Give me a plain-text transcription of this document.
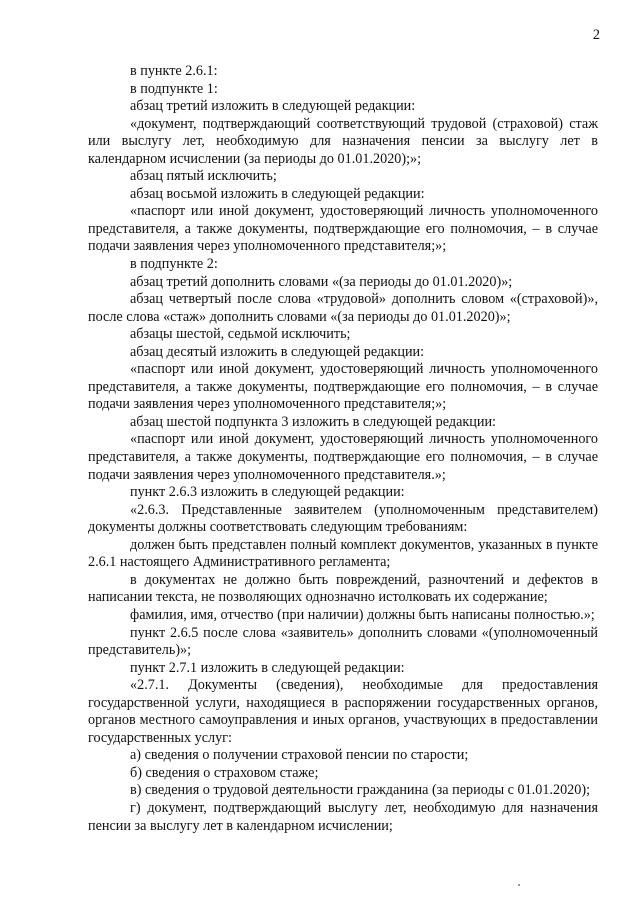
2

в пункте 2.6.1:

в подпункте 1:

абзац третий изложить в следующей редакции:

«документ, подтверждающий соответствующий трудовой (страховой) стаж или выслугу лет, необходимую для назначения пенсии за выслугу лет в календарном исчислении (за периоды до 01.01.2020);»;

абзац пятый исключить;

абзац восьмой изложить в следующей редакции:

«паспорт или иной документ, удостоверяющий личность уполномоченного представителя, а также документы, подтверждающие его полномочия, – в случае подачи заявления через уполномоченного представителя;»;

в подпункте 2:

абзац третий дополнить словами «(за периоды до 01.01.2020)»;

абзац четвертый после слова «трудовой» дополнить словом «(страховой)», после слова «стаж» дополнить словами «(за периоды до 01.01.2020)»;

абзацы шестой, седьмой исключить;

абзац десятый изложить в следующей редакции:

«паспорт или иной документ, удостоверяющий личность уполномоченного представителя, а также документы, подтверждающие его полномочия, – в случае подачи заявления через уполномоченного представителя;»;

абзац шестой подпункта 3 изложить в следующей редакции:

«паспорт или иной документ, удостоверяющий личность уполномоченного представителя, а также документы, подтверждающие его полномочия, – в случае подачи заявления через уполномоченного представителя.»;

пункт 2.6.3 изложить в следующей редакции:

«2.6.3. Представленные заявителем (уполномоченным представителем) документы должны соответствовать следующим требованиям:

должен быть представлен полный комплект документов, указанных в пункте 2.6.1 настоящего Административного регламента;

в документах не должно быть повреждений, разночтений и дефектов в написании текста, не позволяющих однозначно истолковать их содержание;

фамилия, имя, отчество (при наличии) должны быть написаны полностью.»;

пункт 2.6.5 после слова «заявитель» дополнить словами «(уполномоченный представитель)»;

пункт 2.7.1 изложить в следующей редакции:

«2.7.1. Документы (сведения), необходимые для предоставления государственной услуги, находящиеся в распоряжении государственных органов, органов местного самоуправления и иных органов, участвующих в предоставлении государственных услуг:

а) сведения о получении страховой пенсии по старости;

б) сведения о страховом стаже;

в) сведения о трудовой деятельности гражданина (за периоды с 01.01.2020);

г) документ, подтверждающий выслугу лет, необходимую для назначения пенсии за выслугу лет в календарном исчислении;
